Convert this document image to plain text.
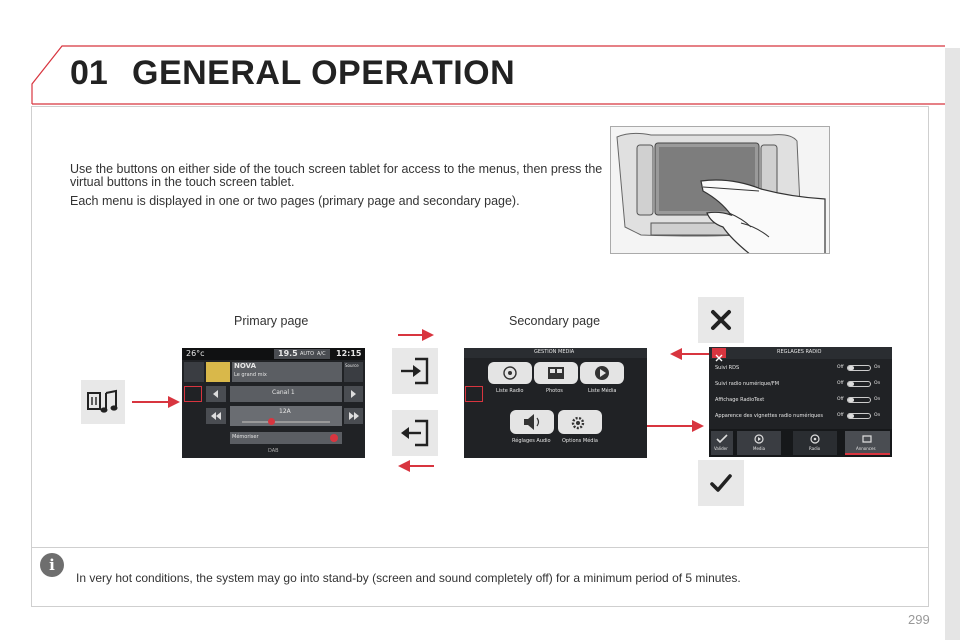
01 GENERAL OPERATION

Use the buttons on either side of the touch screen tablet for access to the menus, then press the virtual buttons in the touch screen tablet.

Each menu is displayed in one or two pages (primary page and secondary page).

Primary page	Secondary page
26°c	19.5 AUTO A/C 12:15
NOVA
Le grand mix
Source
Canal 1
12A
Mémoriser
DAB
GESTION MEDIA
Liste Radio	Photos	Liste Média
Réglages Audio Options Média
REGLAGES RADIO
Suivi RDS	Off	On
Suivi radio numérique/FM	Off	On
Affichage RadioText	Off	On
Apparence des vignettes radio numériques	Off	On
Valider	Media	Radio	Annonces
i
In very hot conditions, the system may go into stand-by (screen and sound completely off) for a minimum period of 5 minutes.
299
